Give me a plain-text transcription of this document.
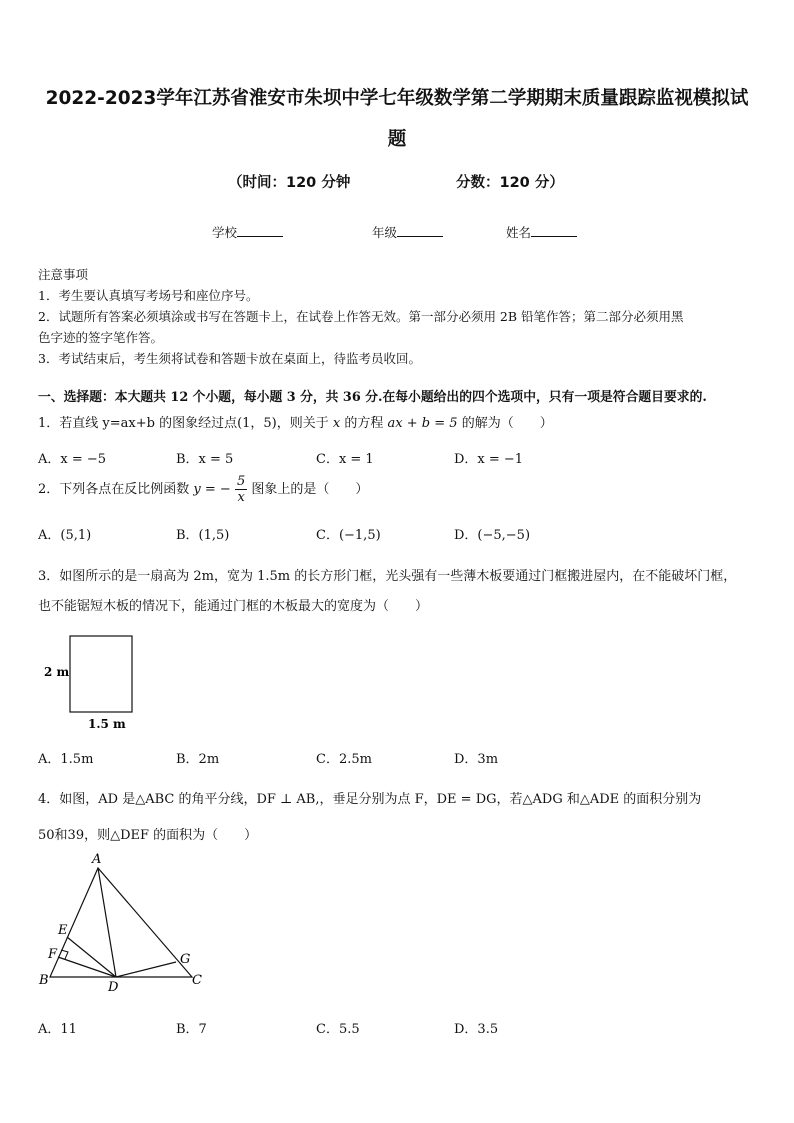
2022-2023学年江苏省淮安市朱坝中学七年级数学第二学期期末质量跟踪监视模拟试
题
（时间：120 分钟	分数：120 分）
学校	年级	姓名

注意事项

1．考生要认真填写考场号和座位序号。

2．试题所有答案必须填涂或书写在答题卡上，在试卷上作答无效。第一部分必须用 2B 铅笔作答；第二部分必须用黑

色字迹的签字笔作答。

3．考试结束后，考生须将试卷和答题卡放在桌面上，待监考员收回。

一、选择题：本大题共 12 个小题，每小题 3 分，共 36 分.在每小题给出的四个选项中，只有一项是符合题目要求的.
1．若直线 y=ax+b 的图象经过点(1，5)，则关于 x 的方程 ax + b = 5 的解为（　　）
A．x = −5	B．x = 5	C．x = 1	D．x = −1
2．下列各点在反比例函数 y = − $\frac{5}{x}$ 图象上的是（　　）
A．(5,1)	B．(1,5)	C．(−1,5)	D．(−5,−5)

3．如图所示的是一扇高为 2m，宽为 1.5m 的长方形门框，光头强有一些薄木板要通过门框搬进屋内，在不能破坏门框，

也不能锯短木板的情况下，能通过门框的木板最大的宽度为（　　）

2 m
1.5 m
A．1.5m	B．2m	C．2.5m	D．3m

4．如图，AD 是△ABC 的角平分线，DF ⊥ AB,，垂足分别为点 F，DE = DG，若△ADG 和△ADE 的面积分别为

50和39，则△DEF 的面积为（　　）

A
E
F
B	D
G
C
A．11	B．7	C．5.5	D．3.5
